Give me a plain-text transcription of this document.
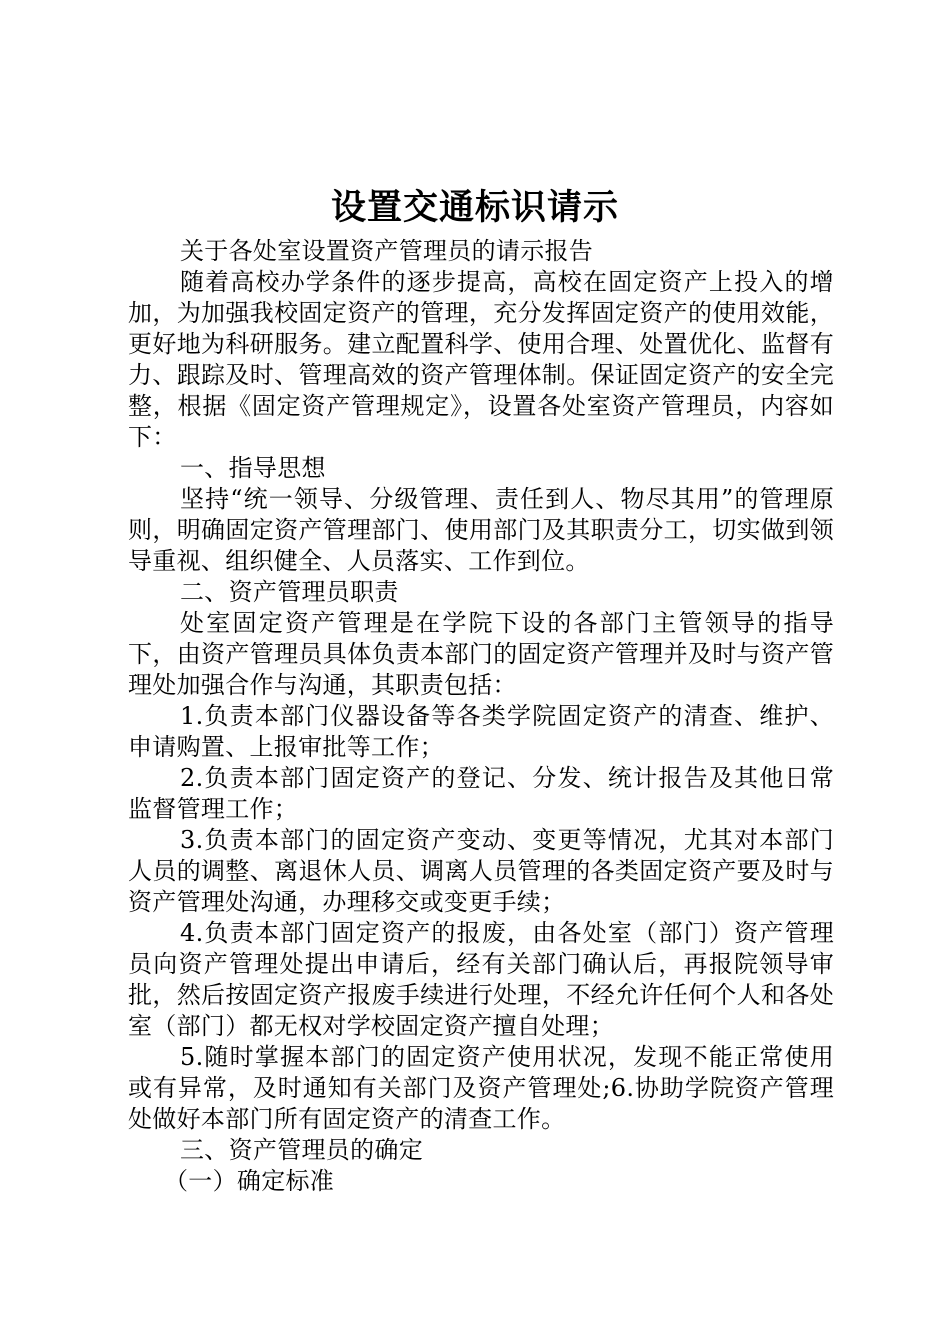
设置交通标识请示

关于各处室设置资产管理员的请示报告

随着高校办学条件的逐步提高，高校在固定资产上投入的增加，为加强我校固定资产的管理，充分发挥固定资产的使用效能，更好地为科研服务。建立配置科学、使用合理、处置优化、监督有力、跟踪及时、管理高效的资产管理体制。保证固定资产的安全完整，根据《固定资产管理规定》，设置各处室资产管理员，内容如下：

一、指导思想

坚持“统一领导、分级管理、责任到人、物尽其用”的管理原则，明确固定资产管理部门、使用部门及其职责分工，切实做到领导重视、组织健全、人员落实、工作到位。

二、资产管理员职责

处室固定资产管理是在学院下设的各部门主管领导的指导下，由资产管理员具体负责本部门的固定资产管理并及时与资产管理处加强合作与沟通，其职责包括：

1.负责本部门仪器设备等各类学院固定资产的清查、维护、申请购置、上报审批等工作；

2.负责本部门固定资产的登记、分发、统计报告及其他日常监督管理工作；

3.负责本部门的固定资产变动、变更等情况，尤其对本部门人员的调整、离退休人员、调离人员管理的各类固定资产要及时与资产管理处沟通，办理移交或变更手续；

4.负责本部门固定资产的报废，由各处室（部门）资产管理员向资产管理处提出申请后，经有关部门确认后，再报院领导审批，然后按固定资产报废手续进行处理，不经允许任何个人和各处室（部门）都无权对学校固定资产擅自处理；

5.随时掌握本部门的固定资产使用状况，发现不能正常使用或有异常，及时通知有关部门及资产管理处;6.协助学院资产管理处做好本部门所有固定资产的清查工作。

三、资产管理员的确定

（一）确定标准
